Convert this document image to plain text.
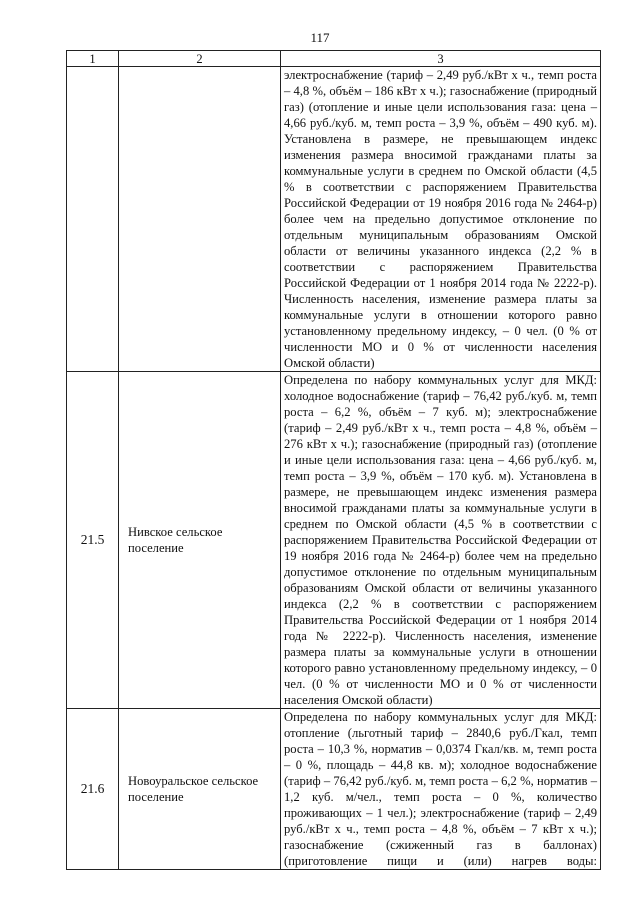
117
1	2	3

		электроснабжение (тариф – 2,49 руб./кВт х ч., темп роста – 4,8 %, объём – 186 кВт х ч.); газоснабжение (природный газ) (отопление и иные цели использования газа: цена – 4,66 руб./куб. м, темп роста – 3,9 %, объём – 490 куб. м). Установлена в размере, не превышающем индекс изменения размера вносимой гражданами платы за коммунальные услуги в среднем по Омской области (4,5 % в соответствии с распоряжением Правительства Российской Федерации от 19 ноября 2016 года № 2464-р) более чем на предельно допустимое отклонение по отдельным муниципальным образованиям Омской области от величины указанного индекса (2,2 % в соответствии с распоряжением Правительства Российской Федерации от 1 ноября 2014 года № 2222-р). Численность населения, изменение размера платы за коммунальные услуги в отношении которого равно установленному предельному индексу, – 0 чел. (0 % от численности МО и 0 % от численности населения Омской области)

21.5	Нивское сельское поселение	Определена по набору коммунальных услуг для МКД: холодное водоснабжение (тариф – 76,42 руб./куб. м, темп роста – 6,2 %, объём – 7 куб. м); электроснабжение (тариф – 2,49 руб./кВт х ч., темп роста – 4,8 %, объём – 276 кВт х ч.); газоснабжение (природный газ) (отопление и иные цели использования газа: цена – 4,66 руб./куб. м, темп роста – 3,9 %, объём – 170 куб. м). Установлена в размере, не превышающем индекс изменения размера вносимой гражданами платы за коммунальные услуги в среднем по Омской области (4,5 % в соответствии с распоряжением Правительства Российской Федерации от 19 ноября 2016 года № 2464-р) более чем на предельно допустимое отклонение по отдельным муниципальным образованиям Омской области от величины указанного индекса (2,2 % в соответствии с распоряжением Правительства Российской Федерации от 1 ноября 2014 года № 2222-р). Численность населения, изменение размера платы за коммунальные услуги в отношении которого равно установленному предельному индексу, – 0 чел. (0 % от численности МО и 0 % от численности населения Омской области)

21.6	Новоуральское сельское поселение	Определена по набору коммунальных услуг для МКД: отопление (льготный тариф – 2840,6 руб./Гкал, темп роста – 10,3 %, норматив – 0,0374 Гкал/кв. м, темп роста – 0 %, площадь – 44,8 кв. м); холодное водоснабжение (тариф – 76,42 руб./куб. м, темп роста – 6,2 %, норматив – 1,2 куб. м/чел., темп роста – 0 %, количество проживающих – 1 чел.); электроснабжение (тариф – 2,49 руб./кВт х ч., темп роста – 4,8 %, объём – 7 кВт х ч.); газоснабжение (сжиженный газ в баллонах) (приготовление пищи и (или) нагрев воды:
